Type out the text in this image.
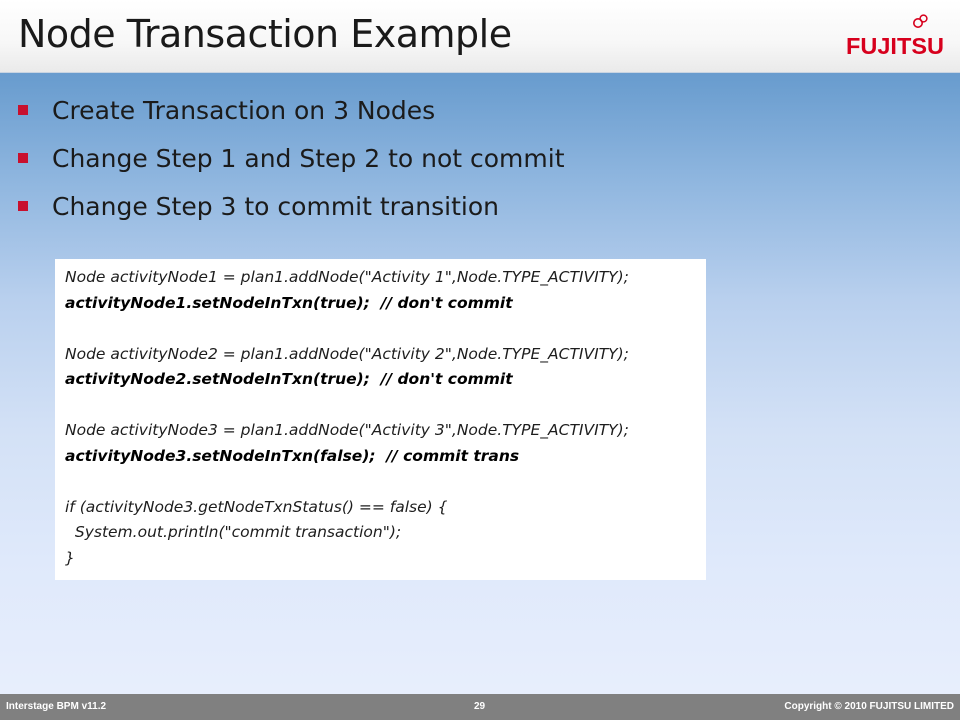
Node Transaction Example	FUJITSU
Create Transaction on 3 Nodes
Change Step 1 and Step 2 to not commit
Change Step 3 to commit transition
Node activityNode1 = plan1.addNode("Activity 1",Node.TYPE_ACTIVITY);
activityNode1.setNodeInTxn(true);  // don't commit
Node activityNode2 = plan1.addNode("Activity 2",Node.TYPE_ACTIVITY);
activityNode2.setNodeInTxn(true);  // don't commit
Node activityNode3 = plan1.addNode("Activity 3",Node.TYPE_ACTIVITY);
activityNode3.setNodeInTxn(false);  // commit trans
if (activityNode3.getNodeTxnStatus() == false) {
System.out.println("commit transaction");
}
Interstage BPM v11.2	29	Copyright © 2010 FUJITSU LIMITED
